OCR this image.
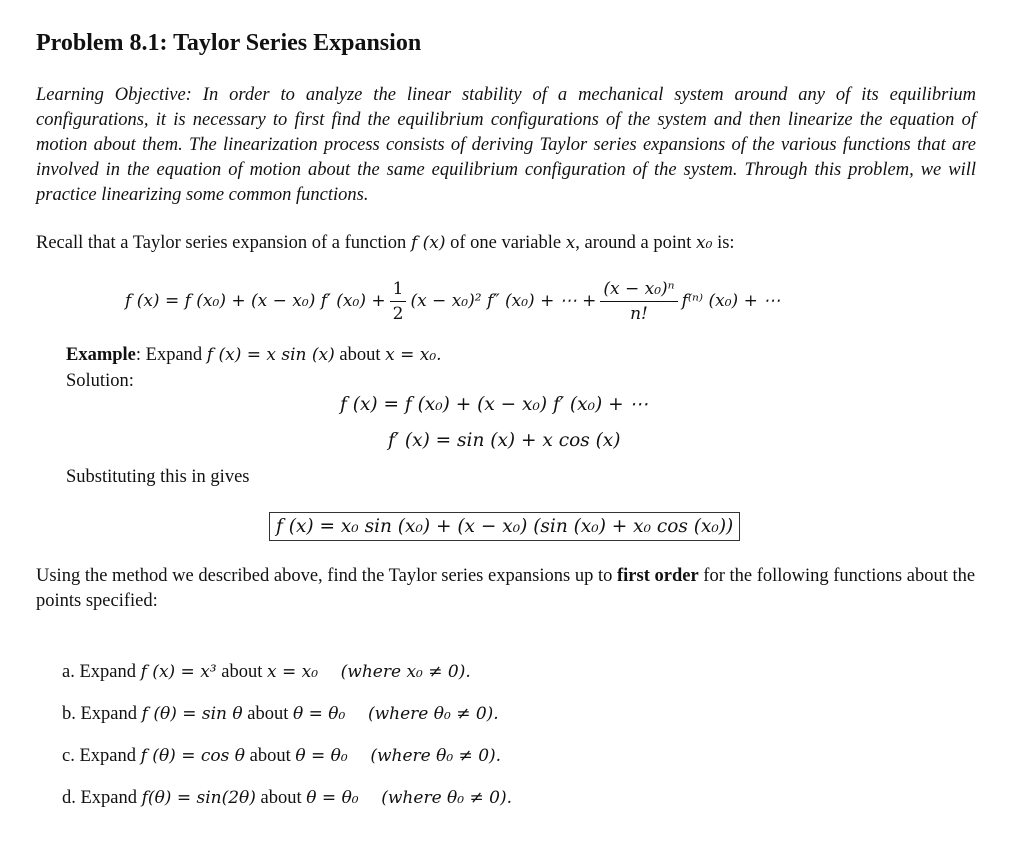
Problem 8.1: Taylor Series Expansion
Learning Objective: In order to analyze the linear stability of a mechanical system around any of its equilibrium configurations, it is necessary to first find the equilibrium configurations of the system and then linearize the equation of motion about them. The linearization process consists of deriving Taylor series expansions of the various functions that are involved in the equation of motion about the same equilibrium configuration of the system. Through this problem, we will practice linearizing some common functions.
Recall that a Taylor series expansion of a function f (x) of one variable x, around a point x₀ is:
f (x) = f (x₀) + (x − x₀) f′ $(x_0) + \frac{1}{2} (x - x_0)^2$ f″ (x₀) + ⋯ + $\frac{\text{(x − x₀)ⁿ}}{n!} f^{(n)}$ (x₀) + ⋯
Example: Expand f (x) = x sin (x) about x = x₀.
Solution:
f (x) = f (x₀) + (x − x₀) f′ (x₀) + ⋯
f′ (x) = sin (x) + x cos (x)
Substituting this in gives
f (x) = x₀ sin (x₀) + (x − x₀) (sin (x₀) + x₀ cos (x₀))
Using the method we described above, find the Taylor series expansions up to first order for the following functions about the points specified:
a. Expand f (x) = x³ about x = x₀ (where x₀ ≠ 0).
b. Expand f (θ) = sin θ about θ = θ₀ (where θ₀ ≠ 0).
c. Expand f (θ) = cos θ about θ = θ₀ (where θ₀ ≠ 0).
d. Expand f(θ) = sin(2θ) about θ = θ₀ (where θ₀ ≠ 0).
